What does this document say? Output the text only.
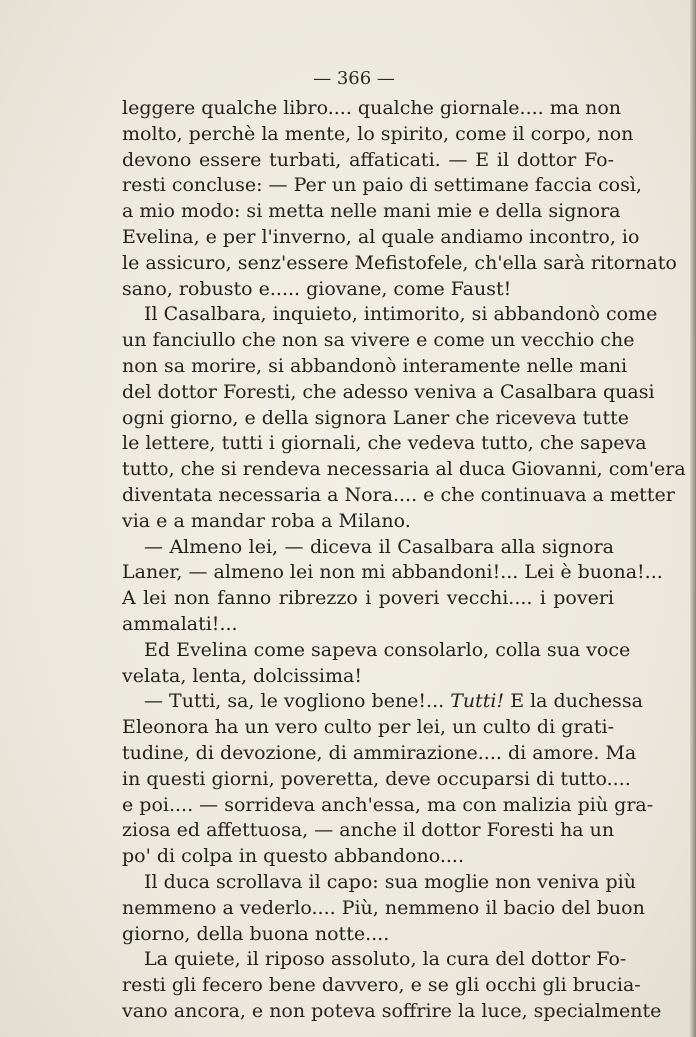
— 366 —
leggere qualche libro.... qualche giornale.... ma non
molto, perchè la mente, lo spirito, come il corpo, non
devono essere turbati, affaticati. — E il dottor Fo-
resti concluse: — Per un paio di settimane faccia così,
a mio modo: si metta nelle mani mie e della signora
Evelina, e per l'inverno, al quale andiamo incontro, io
le assicuro, senz'essere Mefistofele, ch'ella sarà ritornato
sano, robusto e..... giovane, come Faust!
Il Casalbara, inquieto, intimorito, si abbandonò come
un fanciullo che non sa vivere e come un vecchio che
non sa morire, si abbandonò interamente nelle mani
del dottor Foresti, che adesso veniva a Casalbara quasi
ogni giorno, e della signora Laner che riceveva tutte
le lettere, tutti i giornali, che vedeva tutto, che sapeva
tutto, che si rendeva necessaria al duca Giovanni, com'era
diventata necessaria a Nora.... e che continuava a metter
via e a mandar roba a Milano.
— Almeno lei, — diceva il Casalbara alla signora
Laner, — almeno lei non mi abbandoni!... Lei è buona!...
A lei non fanno ribrezzo i poveri vecchi.... i poveri
ammalati!...
Ed Evelina come sapeva consolarlo, colla sua voce
velata, lenta, dolcissima!
— Tutti, sa, le vogliono bene!... Tutti! E la duchessa
Eleonora ha un vero culto per lei, un culto di grati-
tudine, di devozione, di ammirazione.... di amore. Ma
in questi giorni, poveretta, deve occuparsi di tutto....
e poi.... — sorrideva anch'essa, ma con malizia più gra-
ziosa ed affettuosa, — anche il dottor Foresti ha un
po' di colpa in questo abbandono....
Il duca scrollava il capo: sua moglie non veniva più
nemmeno a vederlo.... Più, nemmeno il bacio del buon
giorno, della buona notte....
La quiete, il riposo assoluto, la cura del dottor Fo-
resti gli fecero bene davvero, e se gli occhi gli brucia-
vano ancora, e non poteva soffrire la luce, specialmente
